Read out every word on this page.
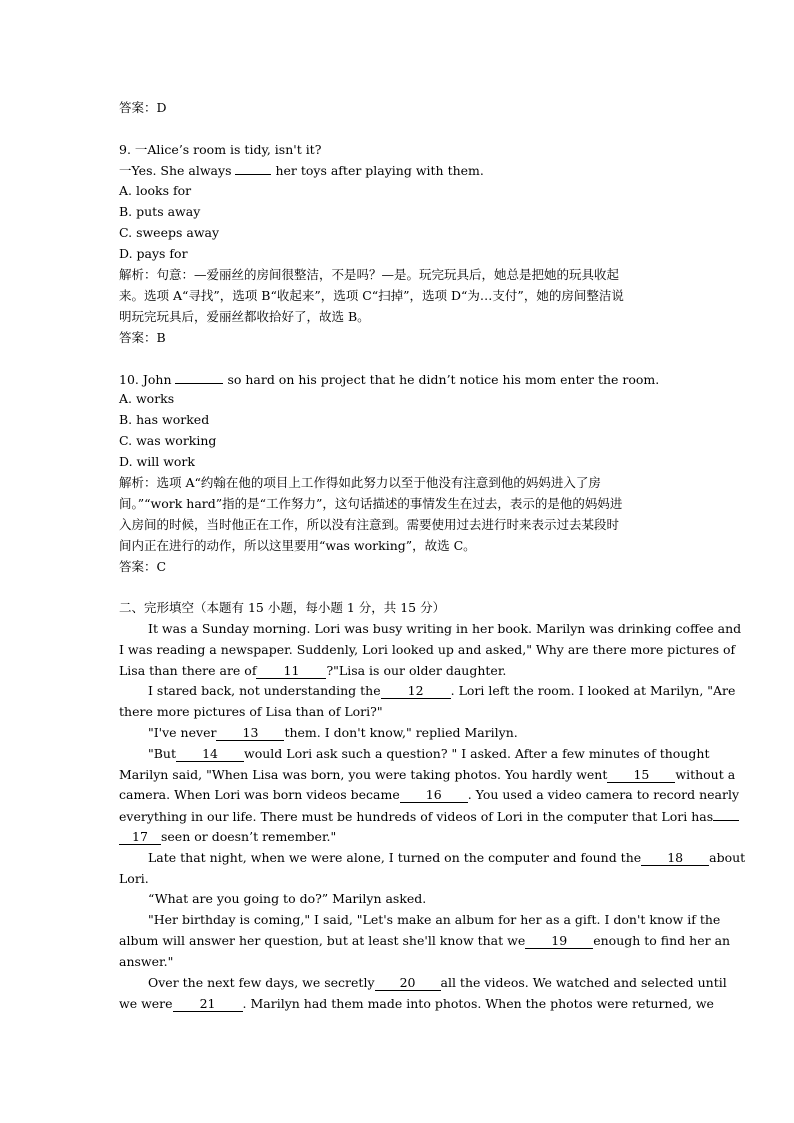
答案：D
9. 一Alice’s room is tidy, isn't it?
一Yes. She always	her toys after playing with them.
A. looks for
B. puts away
C. sweeps away
D. pays for
解析：句意：—爱丽丝的房间很整洁，不是吗？—是。玩完玩具后，她总是把她的玩具收起
来。选项 A“寻找”，选项 B“收起来”，选项 C“扫掉”，选项 D“为…支付”，她的房间整洁说
明玩完玩具后，爱丽丝都收拾好了，故选 B。
答案：B
10. John	so hard on his project that he didn’t notice his mom enter the room.
A. works
B. has worked
C. was working
D. will work
解析：选项 A“约翰在他的项目上工作得如此努力以至于他没有注意到他的妈妈进入了房
间。”“work hard”指的是“工作努力”，这句话描述的事情发生在过去，表示的是他的妈妈进
入房间的时候，当时他正在工作，所以没有注意到。需要使用过去进行时来表示过去某段时
间内正在进行的动作，所以这里要用“was working”，故选 C。
答案：C
二、完形填空（本题有 15 小题，每小题 1 分，共 15 分）
It was a Sunday morning. Lori was busy writing in her book. Marilyn was drinking coffee and
I was reading a newspaper. Suddenly, Lori looked up and asked," Why are there more pictures of
Lisa than there are of 11 ?"Lisa is our older daughter.
I stared back, not understanding the 12 . Lori left the room. I looked at Marilyn, "Are
there more pictures of Lisa than of Lori?"
"I've never 13 them. I don't know," replied Marilyn.
"But 14 would Lori ask such a question? " I asked. After a few minutes of thought
Marilyn said, "When Lisa was born, you were taking photos. You hardly went 15 without a
camera. When Lori was born videos became 16 . You used a video camera to record nearly
everything in our life. There must be hundreds of videos of Lori in the computer that Lori has
17 seen or doesn’t remember."
Late that night, when we were alone, I turned on the computer and found the 18 about
Lori.
“What are you going to do?” Marilyn asked.
"Her birthday is coming," I said, "Let's make an album for her as a gift. I don't know if the
album will answer her question, but at least she'll know that we 19 enough to find her an
answer."
Over the next few days, we secretly 20 all the videos. We watched and selected until
we were 21 . Marilyn had them made into photos. When the photos were returned, we
